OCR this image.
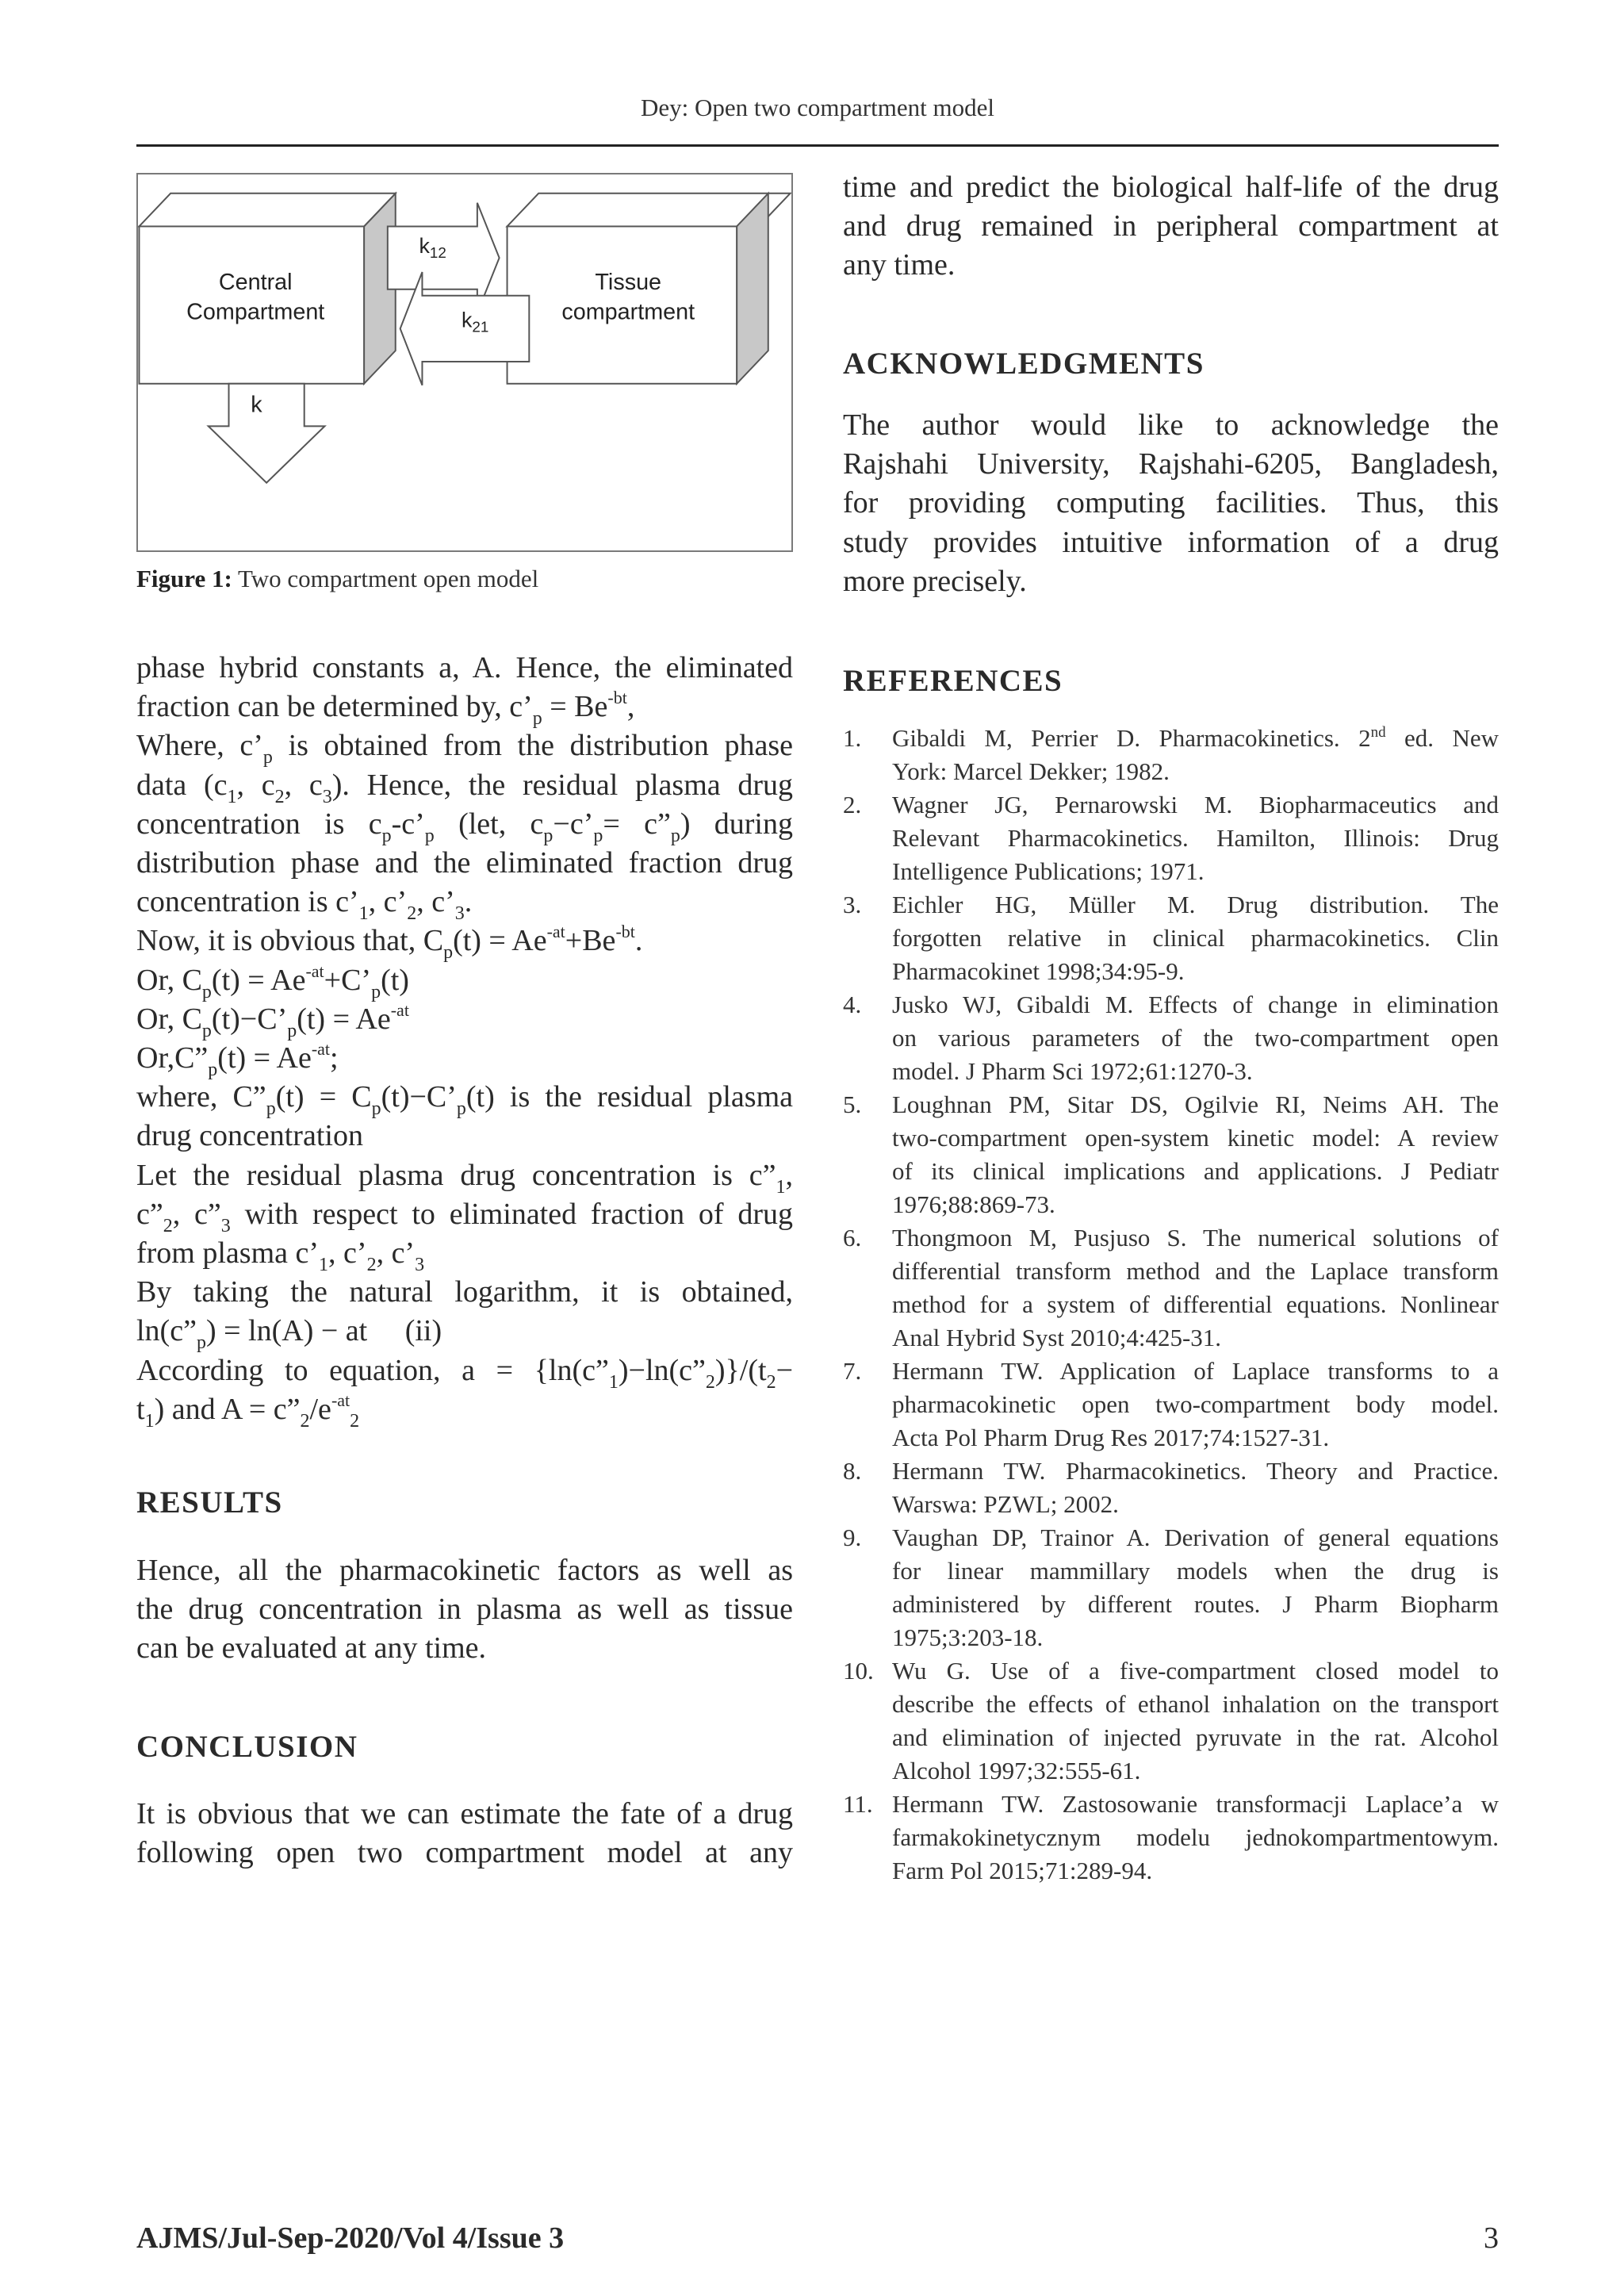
Dey: Open two compartment model
Central
Compartment
Tissue
compartment
$k_{12}$
$k_{21}$
k
Figure 1: Two compartment open model
phase hybrid constants a, A. Hence, the eliminated
fraction can be determined by, $c’_p = Be^{-bt}$,
Where, $c’_p$ is obtained from the distribution phase
data ($c_1$, $c_2$, $c_3$). Hence, the residual plasma drug
concentration is $c_p-c’_p$ (let, $c_p-c’_p=$ $c”_p$) during
distribution phase and the eliminated fraction drug
concentration is $c’_1$, $c’_2$, $c’_3$.
Now, it is obvious that, $C_p(t) = Ae^{-at}+Be^{-bt}$.
Or, $C_p(t)$ = $Ae^{-at}+C’_p(t)$
Or, $C_p(t)-C’_p(t) = Ae^{-at}$
$Or,C”_p(t) = Ae^{-at}$;
where, $C”_p(t)$ = $C_p(t)-C’_p(t)$ is the residual plasma
drug concentration
Let the residual plasma drug concentration is $c”_1$,
$c”_2$, $c”_3$ with respect to eliminated fraction of drug
from plasma $c’_1$, $c’_2$, $c’_3$
By taking the natural logarithm, it is obtained,
$\ln(c”_p) = \ln(A)$ − at     (ii)
According to equation, $a = \{\ln(c”_1)-\ln(c”_2)\}/(t_2-$
$t_1$) and $A = c”_2/e^{-at}_2$
RESULTS
Hence, all the pharmacokinetic factors as well as
the drug concentration in plasma as well as tissue
can be evaluated at any time.
CONCLUSION
It is obvious that we can estimate the fate of a drug
following open two compartment model at any
time and predict the biological half-life of the drug
and drug remained in peripheral compartment at
any time.
ACKNOWLEDGMENTS
The author would like to acknowledge the
Rajshahi University, Rajshahi-6205, Bangladesh,
for providing computing facilities. Thus, this
study provides intuitive information of a drug
more precisely.
REFERENCES
1. Gibaldi M, Perrier D. Pharmacokinetics. 2nd ed. New
York: Marcel Dekker; 1982.
2. Wagner JG, Pernarowski M. Biopharmaceutics and
Relevant Pharmacokinetics. Hamilton, Illinois: Drug
Intelligence Publications; 1971.
3. Eichler HG, Müller M. Drug distribution. The
forgotten relative in clinical pharmacokinetics. Clin
Pharmacokinet 1998;34:95-9.
4. Jusko WJ, Gibaldi M. Effects of change in elimination
on various parameters of the two-compartment open
model. J Pharm Sci 1972;61:1270-3.
5. Loughnan PM, Sitar DS, Ogilvie RI, Neims AH. The
two-compartment open-system kinetic model: A review
of its clinical implications and applications. J Pediatr
1976;88:869-73.
6. Thongmoon M, Pusjuso S. The numerical solutions of
differential transform method and the Laplace transform
method for a system of differential equations. Nonlinear
Anal Hybrid Syst 2010;4:425-31.
7. Hermann TW. Application of Laplace transforms to a
pharmacokinetic open two-compartment body model.
Acta Pol Pharm Drug Res 2017;74:1527-31.
8. Hermann TW. Pharmacokinetics. Theory and Practice.
Warswa: PZWL; 2002.
9. Vaughan DP, Trainor A. Derivation of general equations
for linear mammillary models when the drug is
administered by different routes. J Pharm Biopharm
1975;3:203-18.
10. Wu G. Use of a five-compartment closed model to
describe the effects of ethanol inhalation on the transport
and elimination of injected pyruvate in the rat. Alcohol
Alcohol 1997;32:555-61.
11. Hermann TW. Zastosowanie transformacji Laplace’a w
farmakokinetycznym modelu jednokompartmentowym.
Farm Pol 2015;71:289-94.
AJMS/Jul-Sep-2020/Vol 4/Issue 3	3
